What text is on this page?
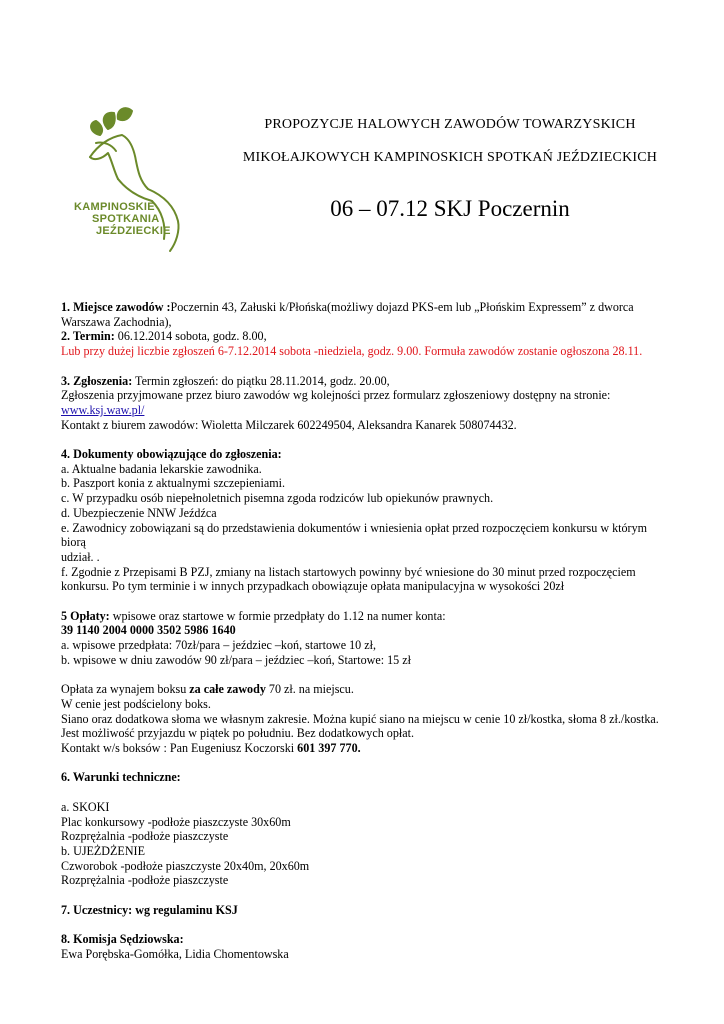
KAMPINOSKIE
SPOTKANIA
JEŹDZIECKIE
PROPOZYCJE HALOWYCH ZAWODÓW TOWARZYSKICH
MIKOŁAJKOWYCH KAMPINOSKICH SPOTKAŃ JEŹDZIECKICH
06 – 07.12 SKJ Poczernin

1. Miejsce zawodów :Poczernin 43, Załuski k/Płońska(możliwy dojazd PKS-em lub „Płońskim Expressem” z dworca

Warszawa Zachodnia),

2. Termin: 06.12.2014 sobota, godz. 8.00,

Lub przy dużej liczbie zgłoszeń 6-7.12.2014 sobota -niedziela, godz. 9.00. Formuła zawodów zostanie ogłoszona 28.11.

3. Zgłoszenia: Termin zgłoszeń: do piątku 28.11.2014, godz. 20.00,

Zgłoszenia przyjmowane przez biuro zawodów wg kolejności przez formularz zgłoszeniowy dostępny na stronie:

www.ksj.waw.pl/

Kontakt z biurem zawodów: Wioletta Milczarek 602249504, Aleksandra Kanarek 508074432.

4. Dokumenty obowiązujące do zgłoszenia:

a. Aktualne badania lekarskie zawodnika.

b. Paszport konia z aktualnymi szczepieniami.

c. W przypadku osób niepełnoletnich pisemna zgoda rodziców lub opiekunów prawnych.

d. Ubezpieczenie NNW Jeźdźca

e. Zawodnicy zobowiązani są do przedstawienia dokumentów i wniesienia opłat przed rozpoczęciem konkursu w którym biorą

udział. .

f. Zgodnie z Przepisami B PZJ, zmiany na listach startowych powinny być wniesione do 30 minut przed rozpoczęciem

konkursu. Po tym terminie i w innych przypadkach obowiązuje opłata manipulacyjna w wysokości 20zł

5 Opłaty: wpisowe oraz startowe w formie przedpłaty do 1.12 na numer konta:

39 1140 2004 0000 3502 5986 1640

a. wpisowe przedpłata: 70zł/para – jeździec –koń, startowe 10 zł,

b. wpisowe w dniu zawodów 90 zł/para – jeździec –koń, Startowe: 15 zł

Opłata za wynajem boksu za całe zawody 70 zł. na miejscu.

W cenie jest podścielony boks.

Siano oraz dodatkowa słoma we własnym zakresie. Można kupić siano na miejscu w cenie 10 zł/kostka, słoma 8 zł./kostka.

Jest możliwość przyjazdu w piątek po południu. Bez dodatkowych opłat.

Kontakt w/s boksów : Pan Eugeniusz Koczorski 601 397 770.

6. Warunki techniczne:

a. SKOKI

Plac konkursowy -podłoże piaszczyste 30x60m

Rozprężalnia -podłoże piaszczyste

b. UJEŻDŻENIE

Czworobok -podłoże piaszczyste 20x40m, 20x60m

Rozprężalnia -podłoże piaszczyste

7. Uczestnicy: wg regulaminu KSJ

8. Komisja Sędziowska:

Ewa Porębska-Gomółka, Lidia Chomentowska
